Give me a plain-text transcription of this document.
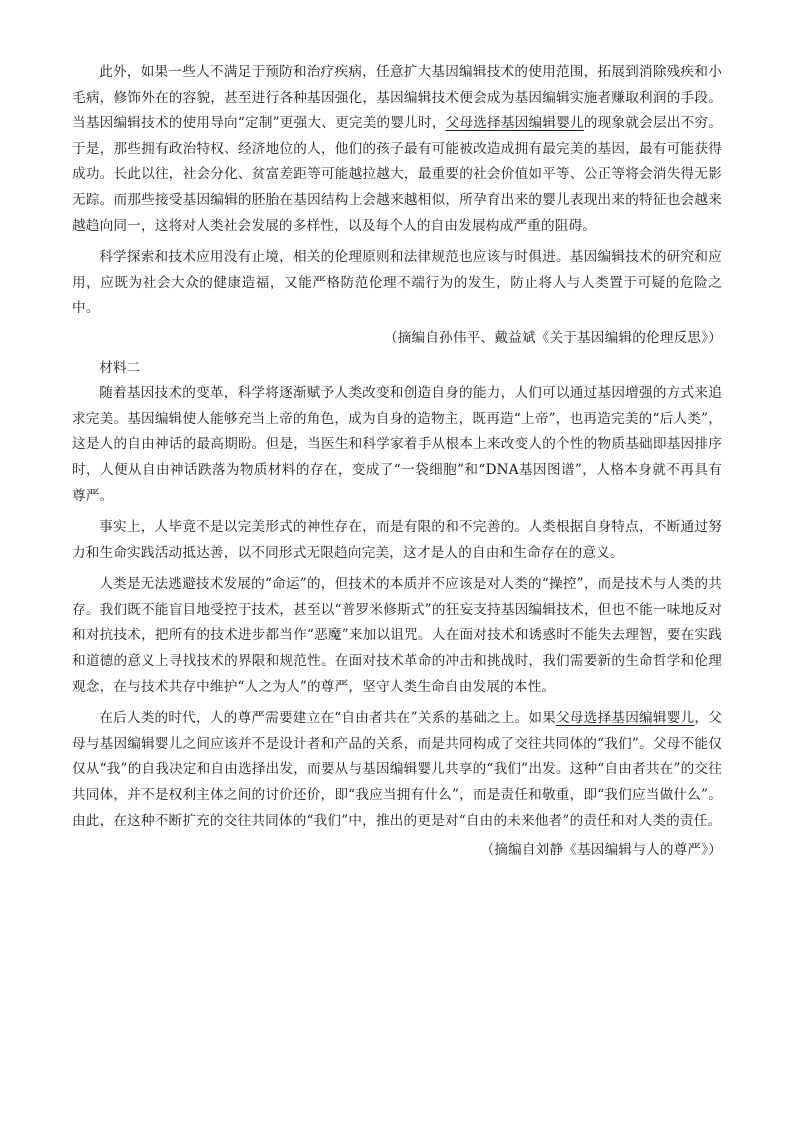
此外，如果一些人不满足于预防和治疗疾病，任意扩大基因编辑技术的使用范围，拓展到消除残疾和小毛病，修饰外在的容貌，甚至进行各种基因强化，基因编辑技术便会成为基因编辑实施者赚取利润的手段。当基因编辑技术的使用导向“定制”更强大、更完美的婴儿时，父母选择基因编辑婴儿的现象就会层出不穷。于是，那些拥有政治特权、经济地位的人，他们的孩子最有可能被改造成拥有最完美的基因，最有可能获得成功。长此以往，社会分化、贫富差距等可能越拉越大，最重要的社会价值如平等、公正等将会消失得无影无踪。而那些接受基因编辑的胚胎在基因结构上会越来越相似，所孕育出来的婴儿表现出来的特征也会越来越趋向同一，这将对人类社会发展的多样性，以及每个人的自由发展构成严重的阻碍。

科学探索和技术应用没有止境，相关的伦理原则和法律规范也应该与时俱进。基因编辑技术的研究和应用，应既为社会大众的健康造福，又能严格防范伦理不端行为的发生，防止将人与人类置于可疑的危险之中。

（摘编自孙伟平、戴益斌《关于基因编辑的伦理反思》）

材料二

随着基因技术的变革，科学将逐渐赋予人类改变和创造自身的能力，人们可以通过基因增强的方式来追求完美。基因编辑使人能够充当上帝的角色，成为自身的造物主，既再造“上帝”，也再造完美的“后人类”，这是人的自由神话的最高期盼。但是，当医生和科学家着手从根本上来改变人的个性的物质基础即基因排序时，人便从自由神话跌落为物质材料的存在，变成了“一袋细胞”和“DNA基因图谱”，人格本身就不再具有尊严。

事实上，人毕竟不是以完美形式的神性存在，而是有限的和不完善的。人类根据自身特点，不断通过努力和生命实践活动抵达善，以不同形式无限趋向完美，这才是人的自由和生命存在的意义。

人类是无法逃避技术发展的“命运”的，但技术的本质并不应该是对人类的“操控”，而是技术与人类的共存。我们既不能盲目地受控于技术，甚至以“普罗米修斯式”的狂妄支持基因编辑技术，但也不能一味地反对和对抗技术，把所有的技术进步都当作“恶魔”来加以诅咒。人在面对技术和诱惑时不能失去理智，要在实践和道德的意义上寻找技术的界限和规范性。在面对技术革命的冲击和挑战时，我们需要新的生命哲学和伦理观念，在与技术共存中维护“人之为人”的尊严，坚守人类生命自由发展的本性。

在后人类的时代，人的尊严需要建立在“自由者共在”关系的基础之上。如果父母选择基因编辑婴儿，父母与基因编辑婴儿之间应该并不是设计者和产品的关系，而是共同构成了交往共同体的“我们”。父母不能仅仅从“我”的自我决定和自由选择出发，而要从与基因编辑婴儿共享的“我们”出发。这种“自由者共在”的交往共同体，并不是权利主体之间的讨价还价，即“我应当拥有什么”，而是责任和敬重，即“我们应当做什么”。由此，在这种不断扩充的交往共同体的“我们”中，推出的更是对“自由的未来他者”的责任和对人类的责任。

（摘编自刘静《基因编辑与人的尊严》）
